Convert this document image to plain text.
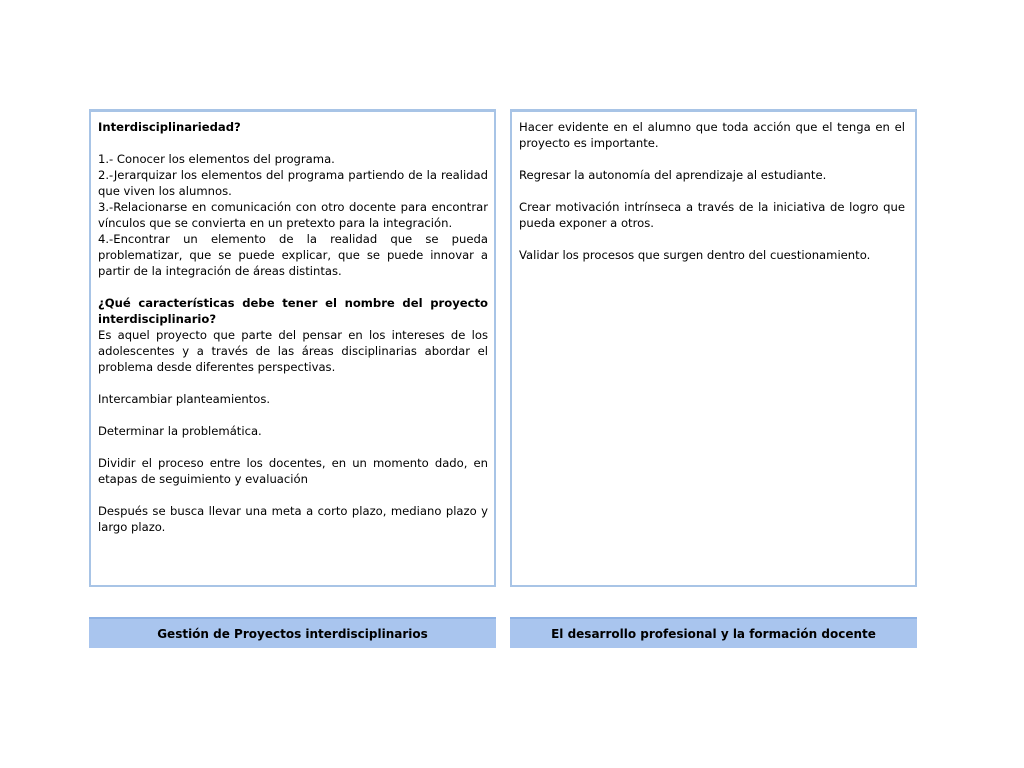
Interdisciplinariedad?

1.- Conocer los elementos del programa.

2.-Jerarquizar los elementos del programa partiendo de la realidad que viven los alumnos.

3.-Relacionarse en comunicación con otro docente para encontrar vínculos que se convierta en un pretexto para la integración.

4.-Encontrar un elemento de la realidad que se pueda problematizar, que se puede explicar, que se puede innovar a partir de la integración de áreas distintas.

¿Qué características debe tener el nombre del proyecto interdisciplinario?

Es aquel proyecto que parte del pensar en los intereses de los adolescentes y a través de las áreas disciplinarias abordar el problema desde diferentes perspectivas.

Intercambiar planteamientos.

Determinar la problemática.

Dividir el proceso entre los docentes, en un momento dado, en etapas de seguimiento y evaluación

Después se busca llevar una meta a corto plazo, mediano plazo y largo plazo.

Hacer evidente en el alumno que toda acción que el tenga en el proyecto es importante.

Regresar la autonomía del aprendizaje al estudiante.

Crear motivación intrínseca a través de la iniciativa de logro que pueda exponer a otros.

Validar los procesos que surgen dentro del cuestionamiento.

Gestión de Proyectos interdisciplinarios	El desarrollo profesional y la formación docente
